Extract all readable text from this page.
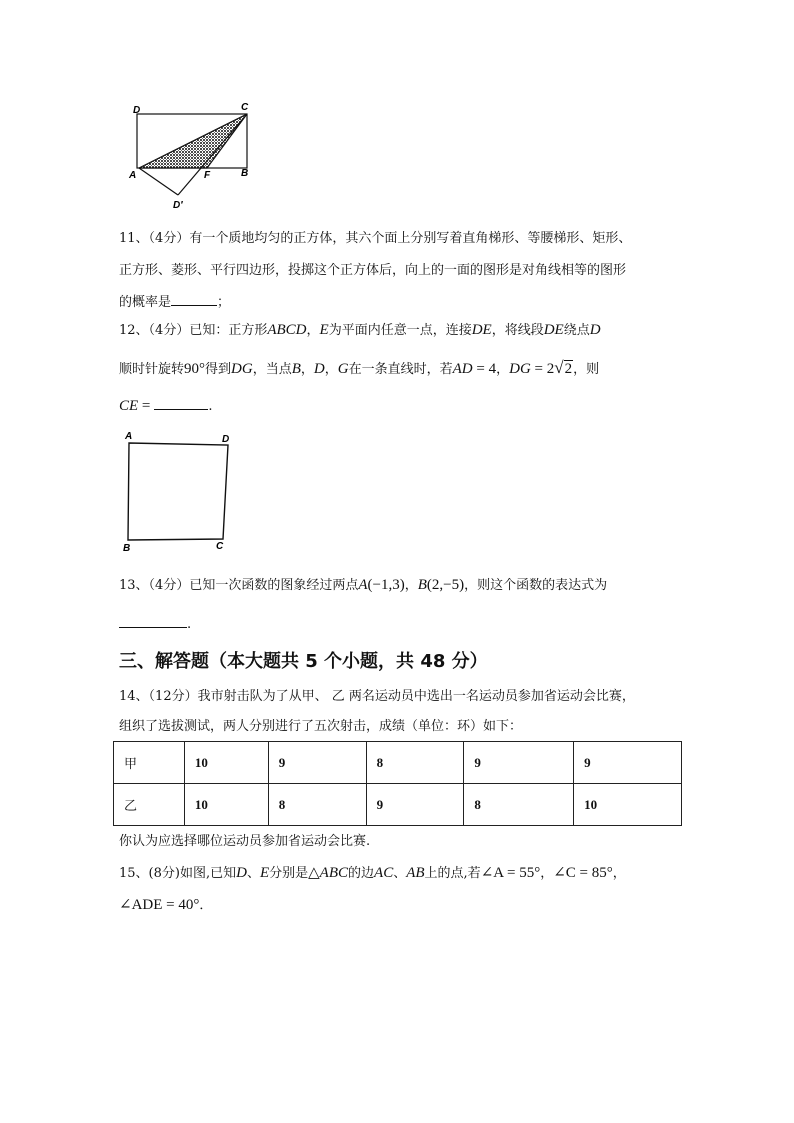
D	C
A	F	B
D′
11、（4分）有一个质地均匀的正方体，其六个面上分别写着直角梯形、等腰梯形、矩形、
正方形、菱形、平行四边形，投掷这个正方体后，向上的一面的图形是对角线相等的图形
的概率是	；
12、（4分）已知：正方形ABCD，E为平面内任意一点，连接DE，将线段DE绕点D
顺时针旋转90°得到DG，当点B，D，G在一条直线时，若AD = 4，DG = 2√2，则
CE =	.
A	D
B	C
13、（4分）已知一次函数的图象经过两点A(−1,3)，B(2,−5)，则这个函数的表达式为
.
三、解答题（本大题共 5 个小题，共 48 分）
14、（12分）我市射击队为了从甲、 乙 两名运动员中选出一名运动员参加省运动会比赛，
组织了选拔测试，两人分别进行了五次射击，成绩（单位：环）如下：
甲	10	9	8	9	9
乙	10	8	9	8	10
你认为应选择哪位运动员参加省运动会比赛.
15、(8分)如图,已知D、E分别是△ABC的边AC、AB上的点,若∠A = 55°，∠C = 85°，
∠ADE = 40°．
